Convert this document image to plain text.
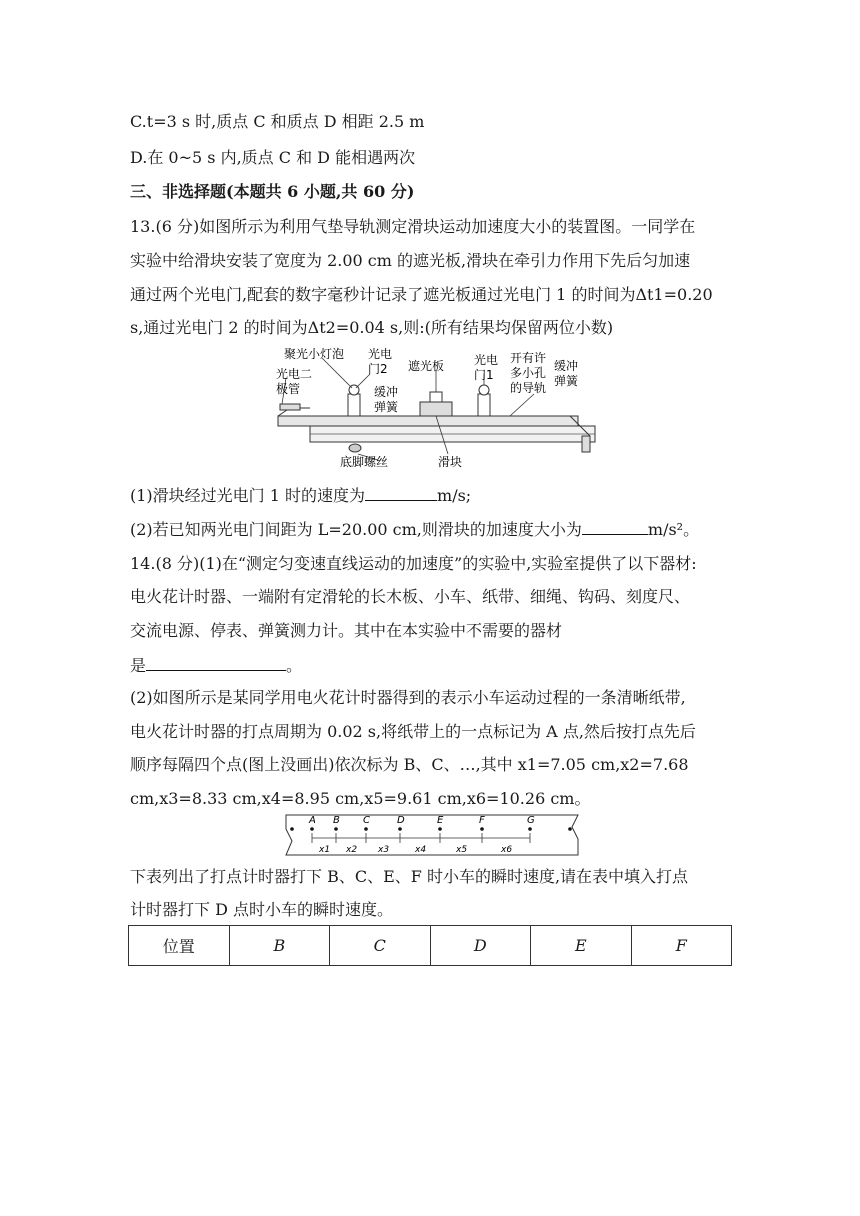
C.t=3 s 时,质点 C 和质点 D 相距 2.5 m
D.在 0~5 s 内,质点 C 和 D 能相遇两次
三、非选择题(本题共 6 小题,共 60 分)
13.(6 分)如图所示为利用气垫导轨测定滑块运动加速度大小的装置图。一同学在
实验中给滑块安装了宽度为 2.00 cm 的遮光板,滑块在牵引力作用下先后匀加速
通过两个光电门,配套的数字毫秒计记录了遮光板通过光电门 1 的时间为Δt1=0.20
s,通过光电门 2 的时间为Δt2=0.04 s,则:(所有结果均保留两位小数)
聚光小灯泡 光电
门2
光电二
极管	缓冲
弹簧
遮光板 光电
门1
开有许
多小孔
的导轨
缓冲
弹簧
底脚螺丝	滑块
(1)滑块经过光电门 1 时的速度为	m/s;
(2)若已知两光电门间距为 L=20.00 cm,则滑块的加速度大小为	m/s²。
14.(8 分)(1)在“测定匀变速直线运动的加速度”的实验中,实验室提供了以下器材:
电火花计时器、一端附有定滑轮的长木板、小车、纸带、细绳、钩码、刻度尺、
交流电源、停表、弹簧测力计。其中在本实验中不需要的器材
是	。
(2)如图所示是某同学用电火花计时器得到的表示小车运动过程的一条清晰纸带,
电火花计时器的打点周期为 0.02 s,将纸带上的一点标记为 A 点,然后按打点先后
顺序每隔四个点(图上没画出)依次标为 B、C、…,其中 x1=7.05 cm,x2=7.68
cm,x3=8.33 cm,x4=8.95 cm,x5=9.61 cm,x6=10.26 cm。
A B C	D	E	F	G
x1 x2 x3	x4	x5	x6
下表列出了打点计时器打下 B、C、E、F 时小车的瞬时速度,请在表中填入打点
计时器打下 D 点时小车的瞬时速度。
位置	B	C	D	E	F
